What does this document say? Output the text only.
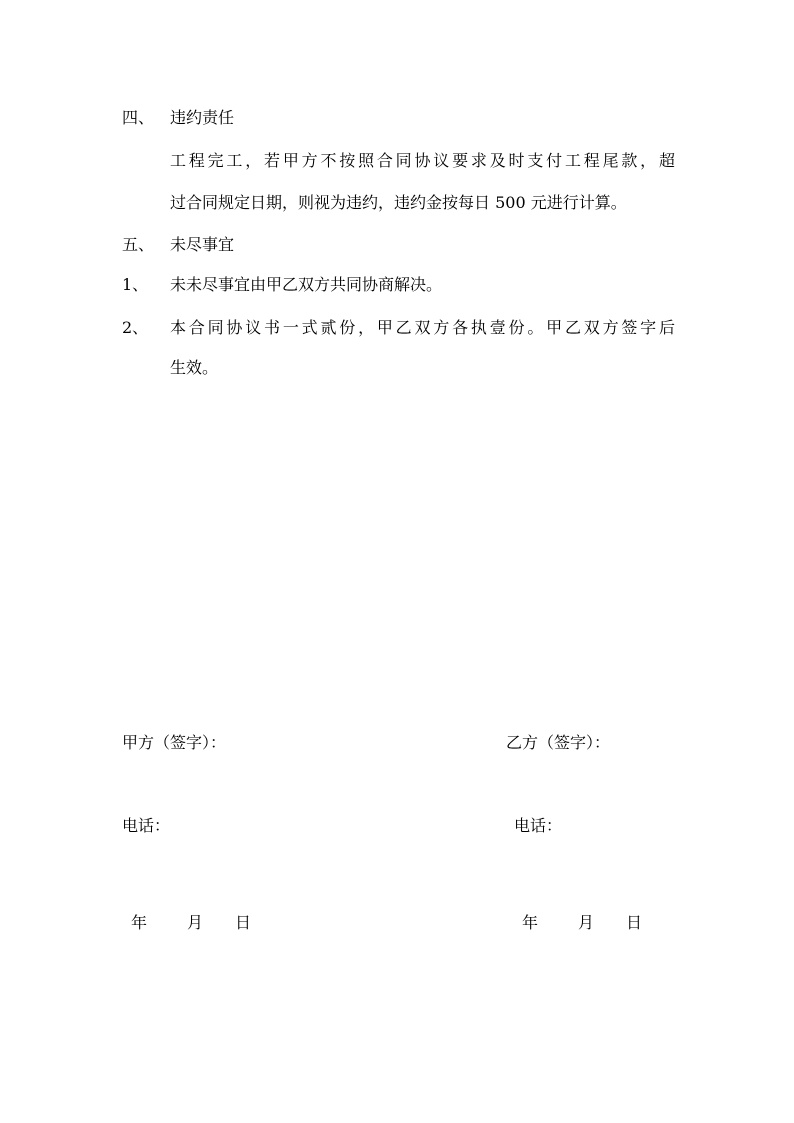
四、 违约责任
工程完工，若甲方不按照合同协议要求及时支付工程尾款，超
过合同规定日期，则视为违约，违约金按每日 500 元进行计算。
五、 未尽事宜
1、 未未尽事宜由甲乙双方共同协商解决。
2、 本合同协议书一式贰份，甲乙双方各执壹份。甲乙双方签字后
生效。
甲方（签字）：	乙方（签字）：
电话：	电话：
年 月 日	年 月 日
